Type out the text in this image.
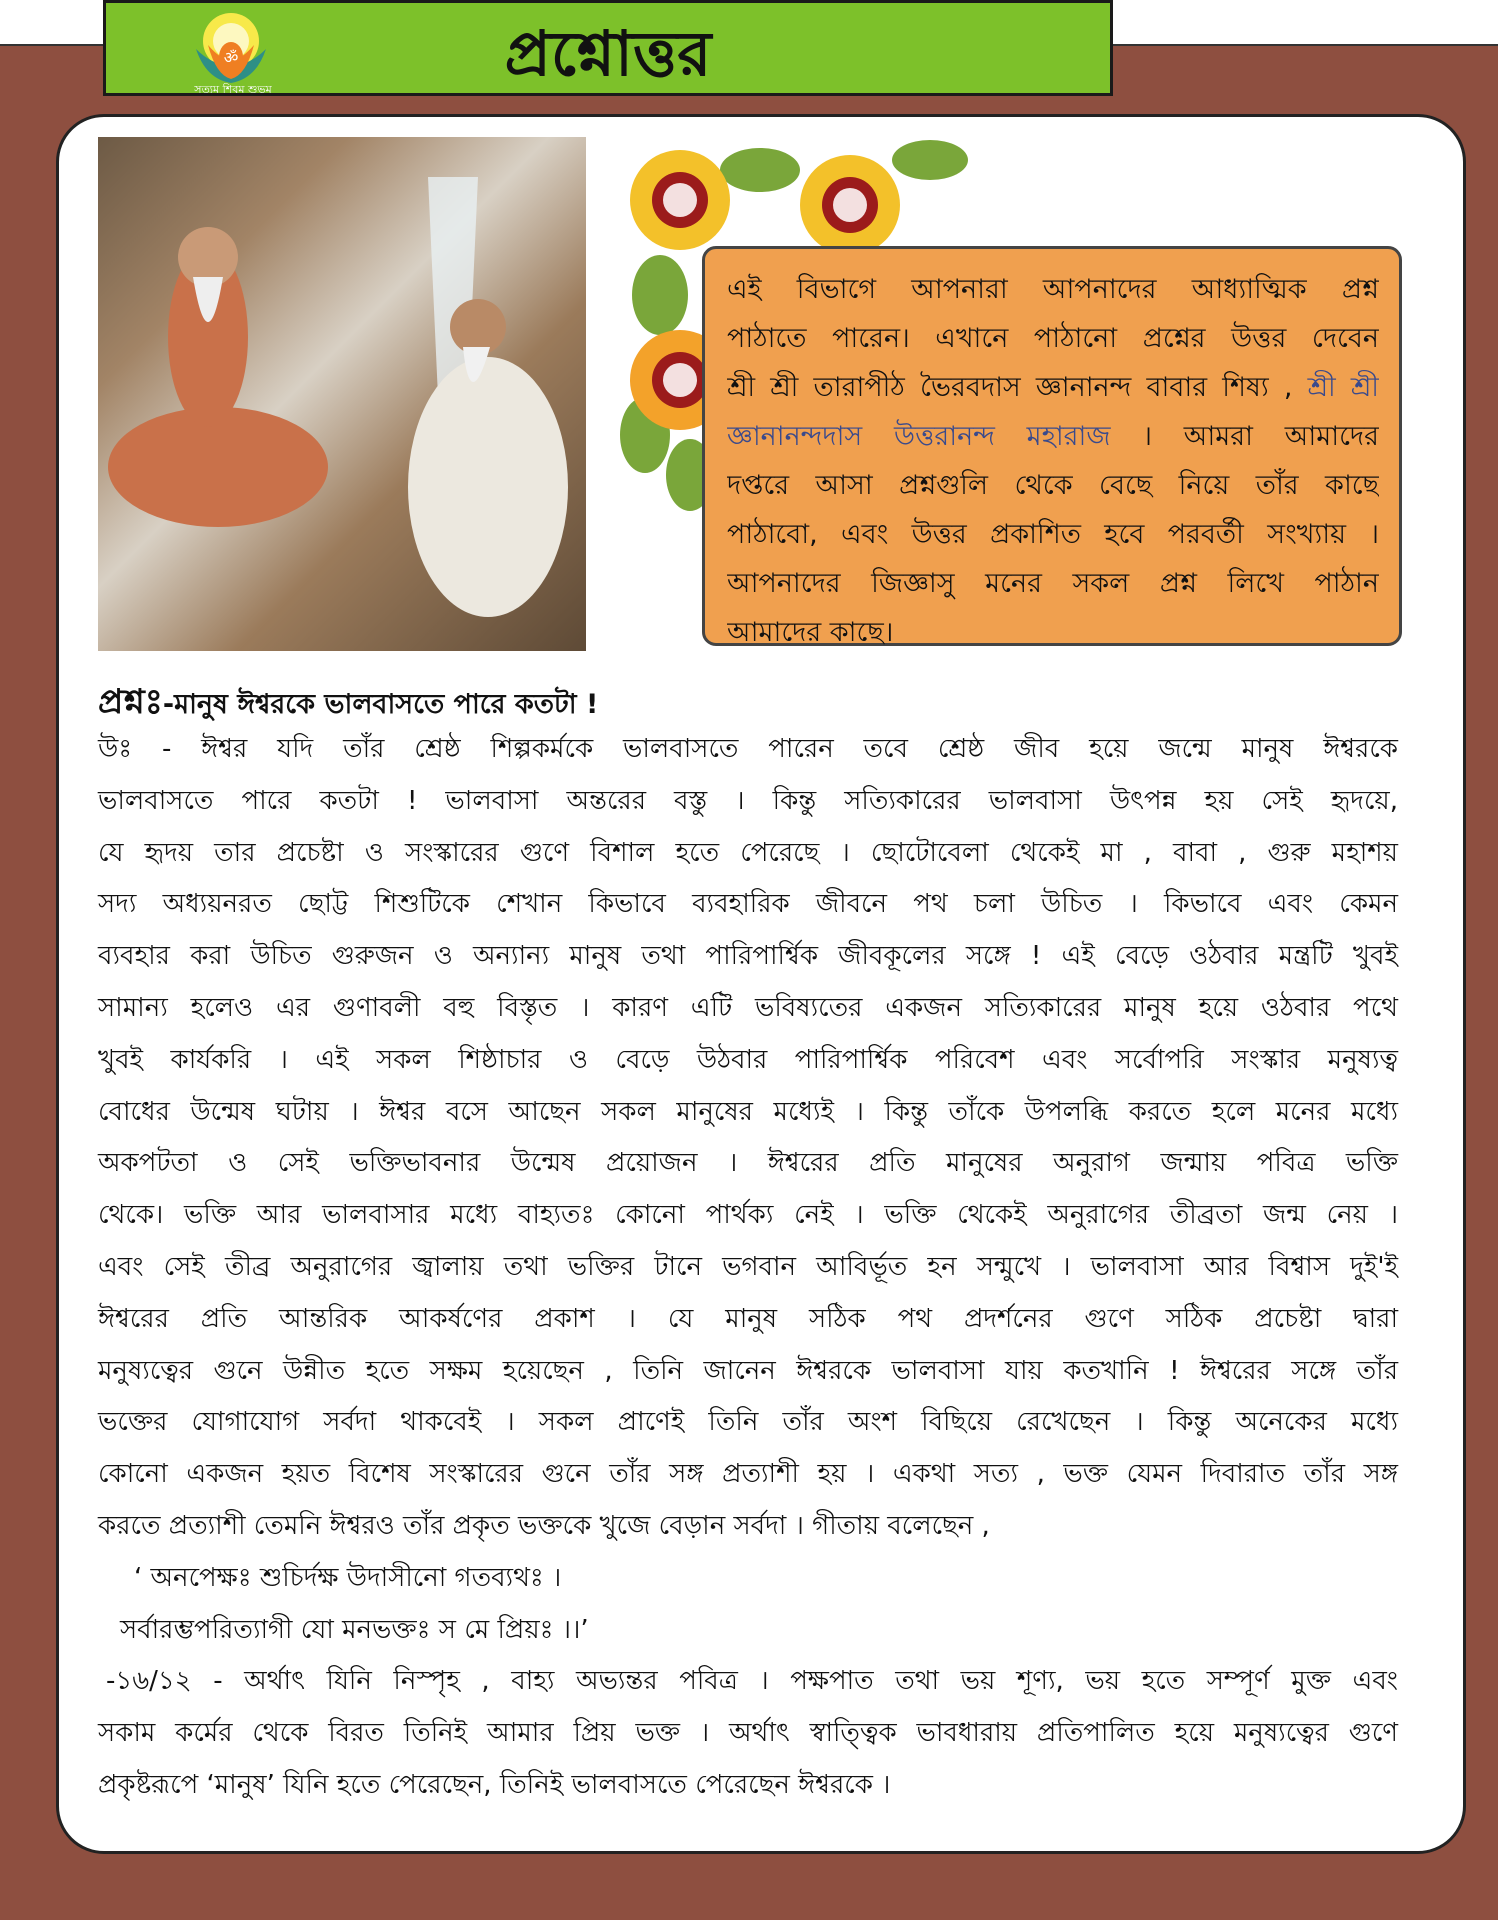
ॐ
সত্যম শিবম শুভম	প্রশ্নোত্তর
এই বিভাগে আপনারা আপনাদের আধ্যাত্মিক প্রশ্ন
পাঠাতে পারেন। এখানে পাঠানো প্রশ্নের উত্তর দেবেন
শ্রী শ্রী তারাপীঠ ভৈরবদাস জ্ঞানানন্দ বাবার শিষ্য , শ্রী শ্রী
জ্ঞানানন্দদাস উত্তরানন্দ মহারাজ । আমরা আমাদের
দপ্তরে আসা প্রশ্নগুলি থেকে বেছে নিয়ে তাঁর কাছে
পাঠাবো, এবং উত্তর প্রকাশিত হবে পরবর্তী সংখ্যায় ।
আপনাদের জিজ্ঞাসু মনের সকল প্রশ্ন লিখে পাঠান
আমাদের কাছে।
প্রশ্নঃ-মানুষ ঈশ্বরকে ভালবাসতে পারে কতটা !
উঃ - ঈশ্বর যদি তাঁর শ্রেষ্ঠ শিল্পকর্মকে ভালবাসতে পারেন তবে শ্রেষ্ঠ জীব হয়ে জন্মে মানুষ ঈশ্বরকে
ভালবাসতে পারে কতটা ! ভালবাসা অন্তরের বস্তু । কিন্তু সত্যিকারের ভালবাসা উৎপন্ন হয় সেই হৃদয়ে,
যে হৃদয় তার প্রচেষ্টা ও সংস্কারের গুণে বিশাল হতে পেরেছে । ছোটোবেলা থেকেই মা , বাবা , গুরু মহাশয়
সদ্য অধ্যয়নরত ছোট্ট শিশুটিকে শেখান কিভাবে ব্যবহারিক জীবনে পথ চলা উচিত । কিভাবে এবং কেমন
ব্যবহার করা উচিত গুরুজন ও অন্যান্য মানুষ তথা পারিপার্শ্বিক জীবকূলের সঙ্গে ! এই বেড়ে ওঠবার মন্ত্রটি খুবই
সামান্য হলেও এর গুণাবলী বহু বিস্তৃত । কারণ এটি ভবিষ্যতের একজন সত্যিকারের মানুষ হয়ে ওঠবার পথে
খুবই কার্যকরি । এই সকল শিষ্ঠাচার ও বেড়ে উঠবার পারিপার্শ্বিক পরিবেশ এবং সর্বোপরি সংস্কার মনুষ্যত্ব
বোধের উন্মেষ ঘটায় । ঈশ্বর বসে আছেন সকল মানুষের মধ্যেই । কিন্তু তাঁকে উপলব্ধি করতে হলে মনের মধ্যে
অকপটতা ও সেই ভক্তিভাবনার উন্মেষ প্রয়োজন । ঈশ্বরের প্রতি মানুষের অনুরাগ জন্মায় পবিত্র ভক্তি
থেকে। ভক্তি আর ভালবাসার মধ্যে বাহ্যতঃ কোনো পার্থক্য নেই । ভক্তি থেকেই অনুরাগের তীব্রতা জন্ম নেয় ।
এবং সেই তীব্র অনুরাগের জ্বালায় তথা ভক্তির টানে ভগবান আবির্ভূত হন সন্মুখে । ভালবাসা আর বিশ্বাস দুই'ই
ঈশ্বরের প্রতি আন্তরিক আকর্ষণের প্রকাশ । যে মানুষ সঠিক পথ প্রদর্শনের গুণে সঠিক প্রচেষ্টা দ্বারা
মনুষ্যত্বের গুনে উন্নীত হতে সক্ষম হয়েছেন , তিনি জানেন ঈশ্বরকে ভালবাসা যায় কতখানি ! ঈশ্বরের সঙ্গে তাঁর
ভক্তের যোগাযোগ সর্বদা থাকবেই । সকল প্রাণেই তিনি তাঁর অংশ বিছিয়ে রেখেছেন । কিন্তু অনেকের মধ্যে
কোনো একজন হয়ত বিশেষ সংস্কারের গুনে তাঁর সঙ্গ প্রত্যাশী হয় । একথা সত্য , ভক্ত যেমন দিবারাত তাঁর সঙ্গ
করতে প্রত্যাশী তেমনি ঈশ্বরও তাঁর প্রকৃত ভক্তকে খুজে বেড়ান সর্বদা । গীতায় বলেছেন ,
‘ অনপেক্ষঃ শুচির্দক্ষ উদাসীনো গতব্যথঃ ।
সর্বারম্ভপরিত্যাগী যো মনভক্তঃ স মে প্রিয়ঃ ।।’
-১৬/১২ - অর্থাৎ যিনি নিস্পৃহ , বাহ্য অভ্যন্তর পবিত্র । পক্ষপাত তথা ভয় শূণ্য, ভয় হতে সম্পূর্ণ মুক্ত এবং
সকাম কর্মের থেকে বিরত তিনিই আমার প্রিয় ভক্ত । অর্থাৎ স্বাত্ত্বিক ভাবধারায় প্রতিপালিত হয়ে মনুষ্যত্বের গুণে
প্রকৃষ্টরূপে ‘মানুষ’ যিনি হতে পেরেছেন, তিনিই ভালবাসতে পেরেছেন ঈশ্বরকে ।
